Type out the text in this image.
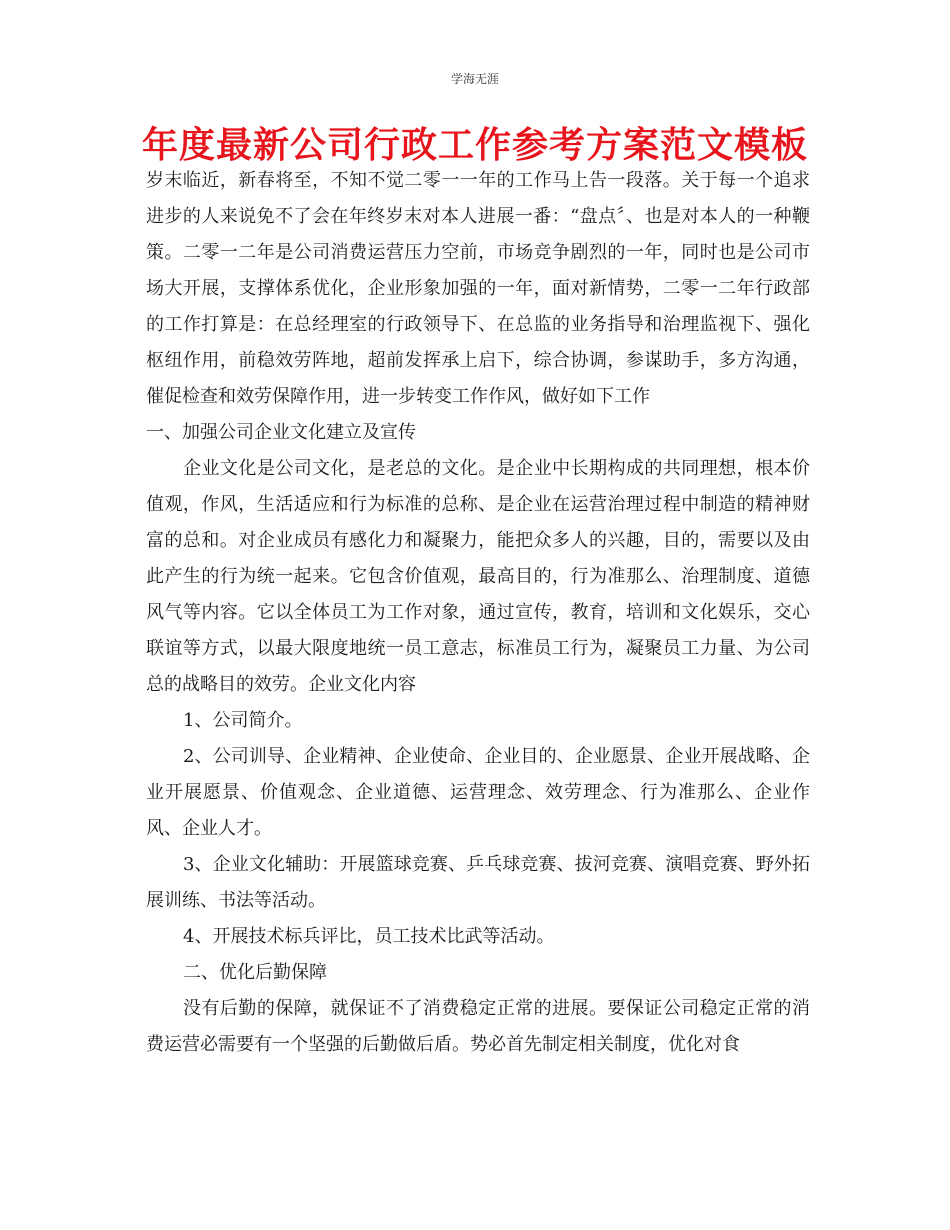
学海无涯
年度最新公司行政工作参考方案范文模板

岁末临近，新春将至，不知不觉二零一一年的工作马上告一段落。关于每一个追求进步的人来说免不了会在年终岁末对本人进展一番：“盘点〞、也是对本人的一种鞭策。二零一二年是公司消费运营压力空前，市场竞争剧烈的一年，同时也是公司市场大开展，支撑体系优化，企业形象加强的一年，面对新情势，二零一二年行政部的工作打算是：在总经理室的行政领导下、在总监的业务指导和治理监视下、强化枢纽作用，前稳效劳阵地，超前发挥承上启下，综合协调，参谋助手，多方沟通，催促检查和效劳保障作用，进一步转变工作作风，做好如下工作

一、加强公司企业文化建立及宣传

企业文化是公司文化，是老总的文化。是企业中长期构成的共同理想，根本价值观，作风，生活适应和行为标准的总称、是企业在运营治理过程中制造的精神财富的总和。对企业成员有感化力和凝聚力，能把众多人的兴趣，目的，需要以及由此产生的行为统一起来。它包含价值观，最高目的，行为准那么、治理制度、道德风气等内容。它以全体员工为工作对象，通过宣传，教育，培训和文化娱乐，交心联谊等方式，以最大限度地统一员工意志，标准员工行为，凝聚员工力量、为公司总的战略目的效劳。企业文化内容

1、公司简介。

2、公司训导、企业精神、企业使命、企业目的、企业愿景、企业开展战略、企业开展愿景、价值观念、企业道德、运营理念、效劳理念、行为准那么、企业作风、企业人才。

3、企业文化辅助：开展篮球竞赛、乒乓球竞赛、拔河竞赛、演唱竞赛、野外拓展训练、书法等活动。

4、开展技术标兵评比，员工技术比武等活动。

二、优化后勤保障

没有后勤的保障，就保证不了消费稳定正常的进展。要保证公司稳定正常的消费运营必需要有一个坚强的后勤做后盾。势必首先制定相关制度，优化对食
